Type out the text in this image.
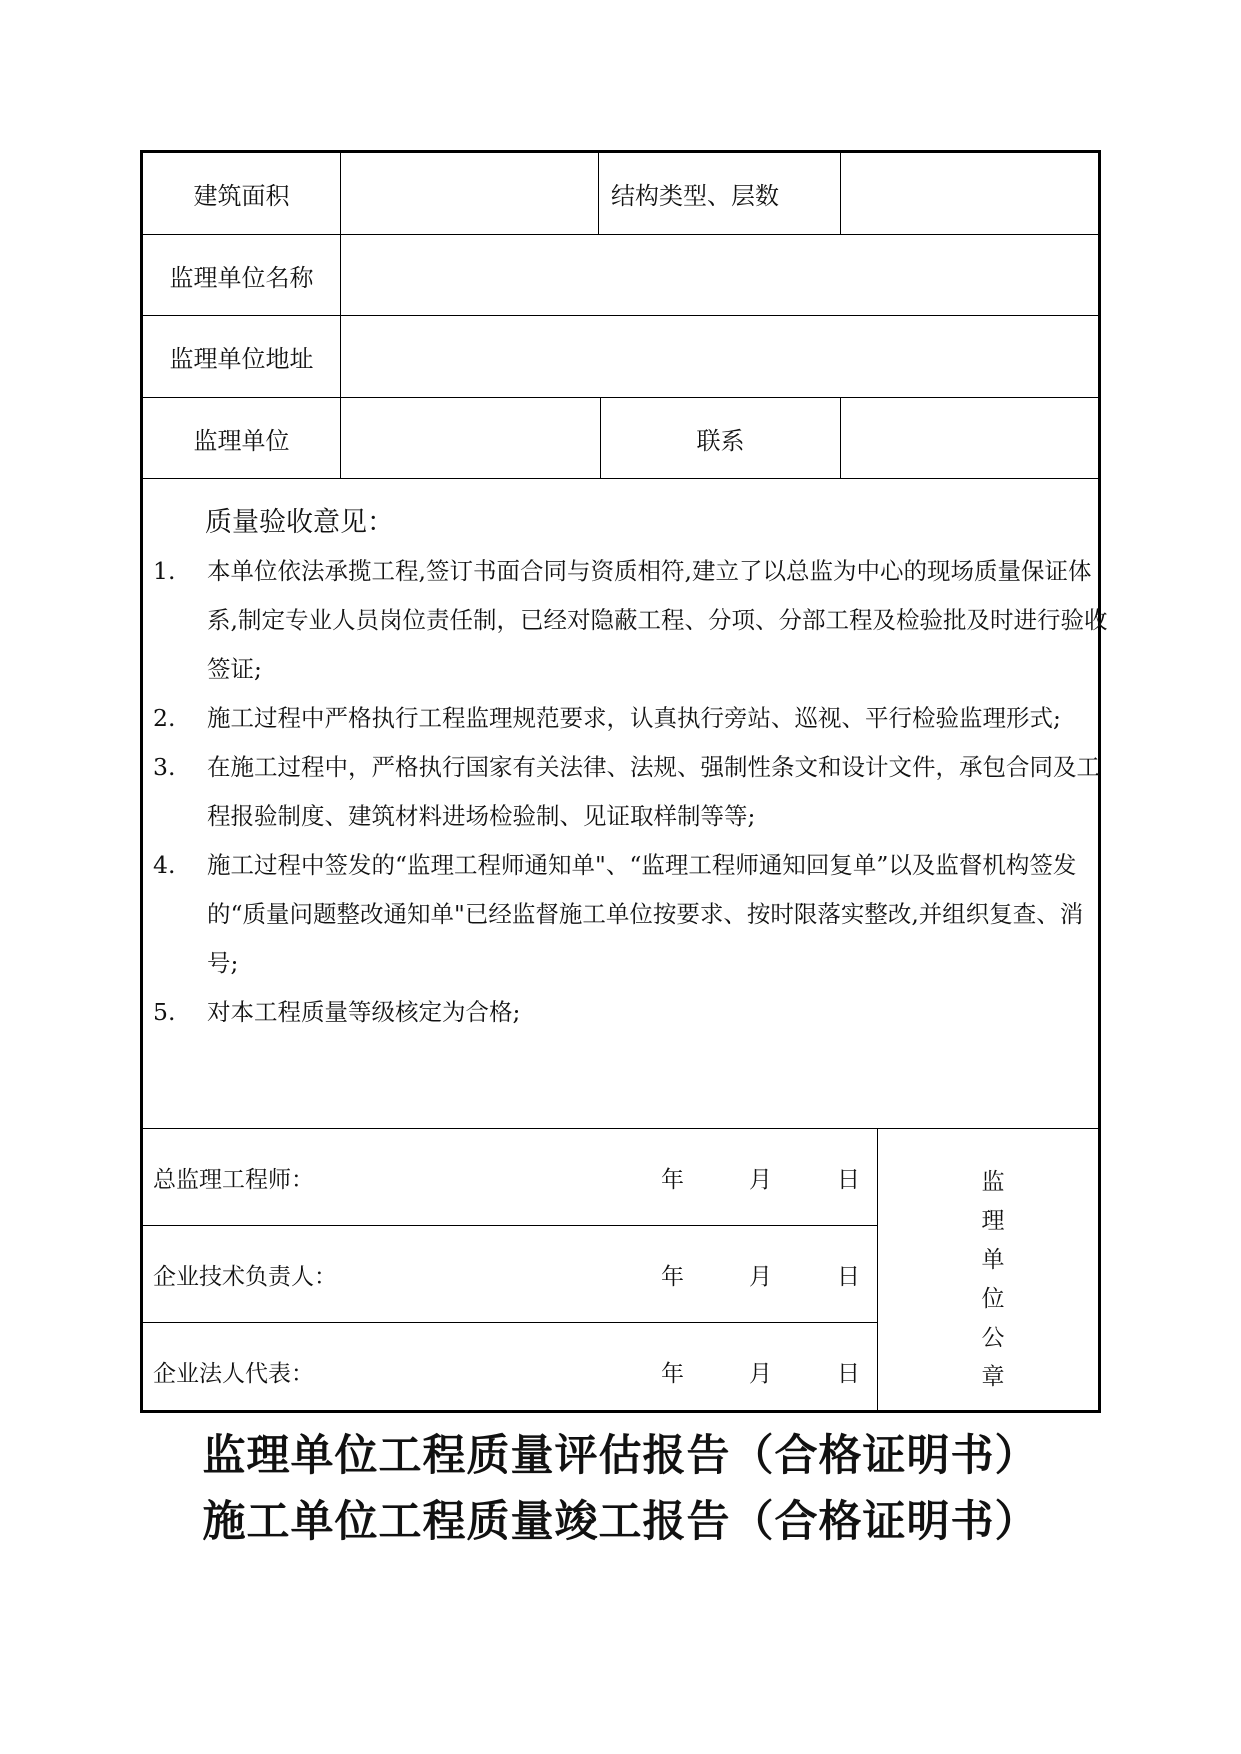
建筑面积	结构类型、层数
监理单位名称
监理单位地址
监理单位	联系
质量验收意见：
1.	本单位依法承揽工程,签订书面合同与资质相符,建立了以总监为中心的现场质量保证体系,制定专业人员岗位责任制，已经对隐蔽工程、分项、分部工程及检验批及时进行验收签证;
2.	施工过程中严格执行工程监理规范要求，认真执行旁站、巡视、平行检验监理形式;
3.	在施工过程中，严格执行国家有关法律、法规、强制性条文和设计文件，承包合同及工程报验制度、建筑材料进场检验制、见证取样制等等;
4.	施工过程中签发的“监理工程师通知单"、“监理工程师通知回复单”以及监督机构签发的“质量问题整改通知单"已经监督施工单位按要求、按时限落实整改,并组织复查、消号;
5.	对本工程质量等级核定为合格;
总监理工程师：	年	月	日
企业技术负责人：	年	月	日
企业法人代表：	年	月	日
监
理
单
位
公
章
监理单位工程质量评估报告（合格证明书）
施工单位工程质量竣工报告（合格证明书）
